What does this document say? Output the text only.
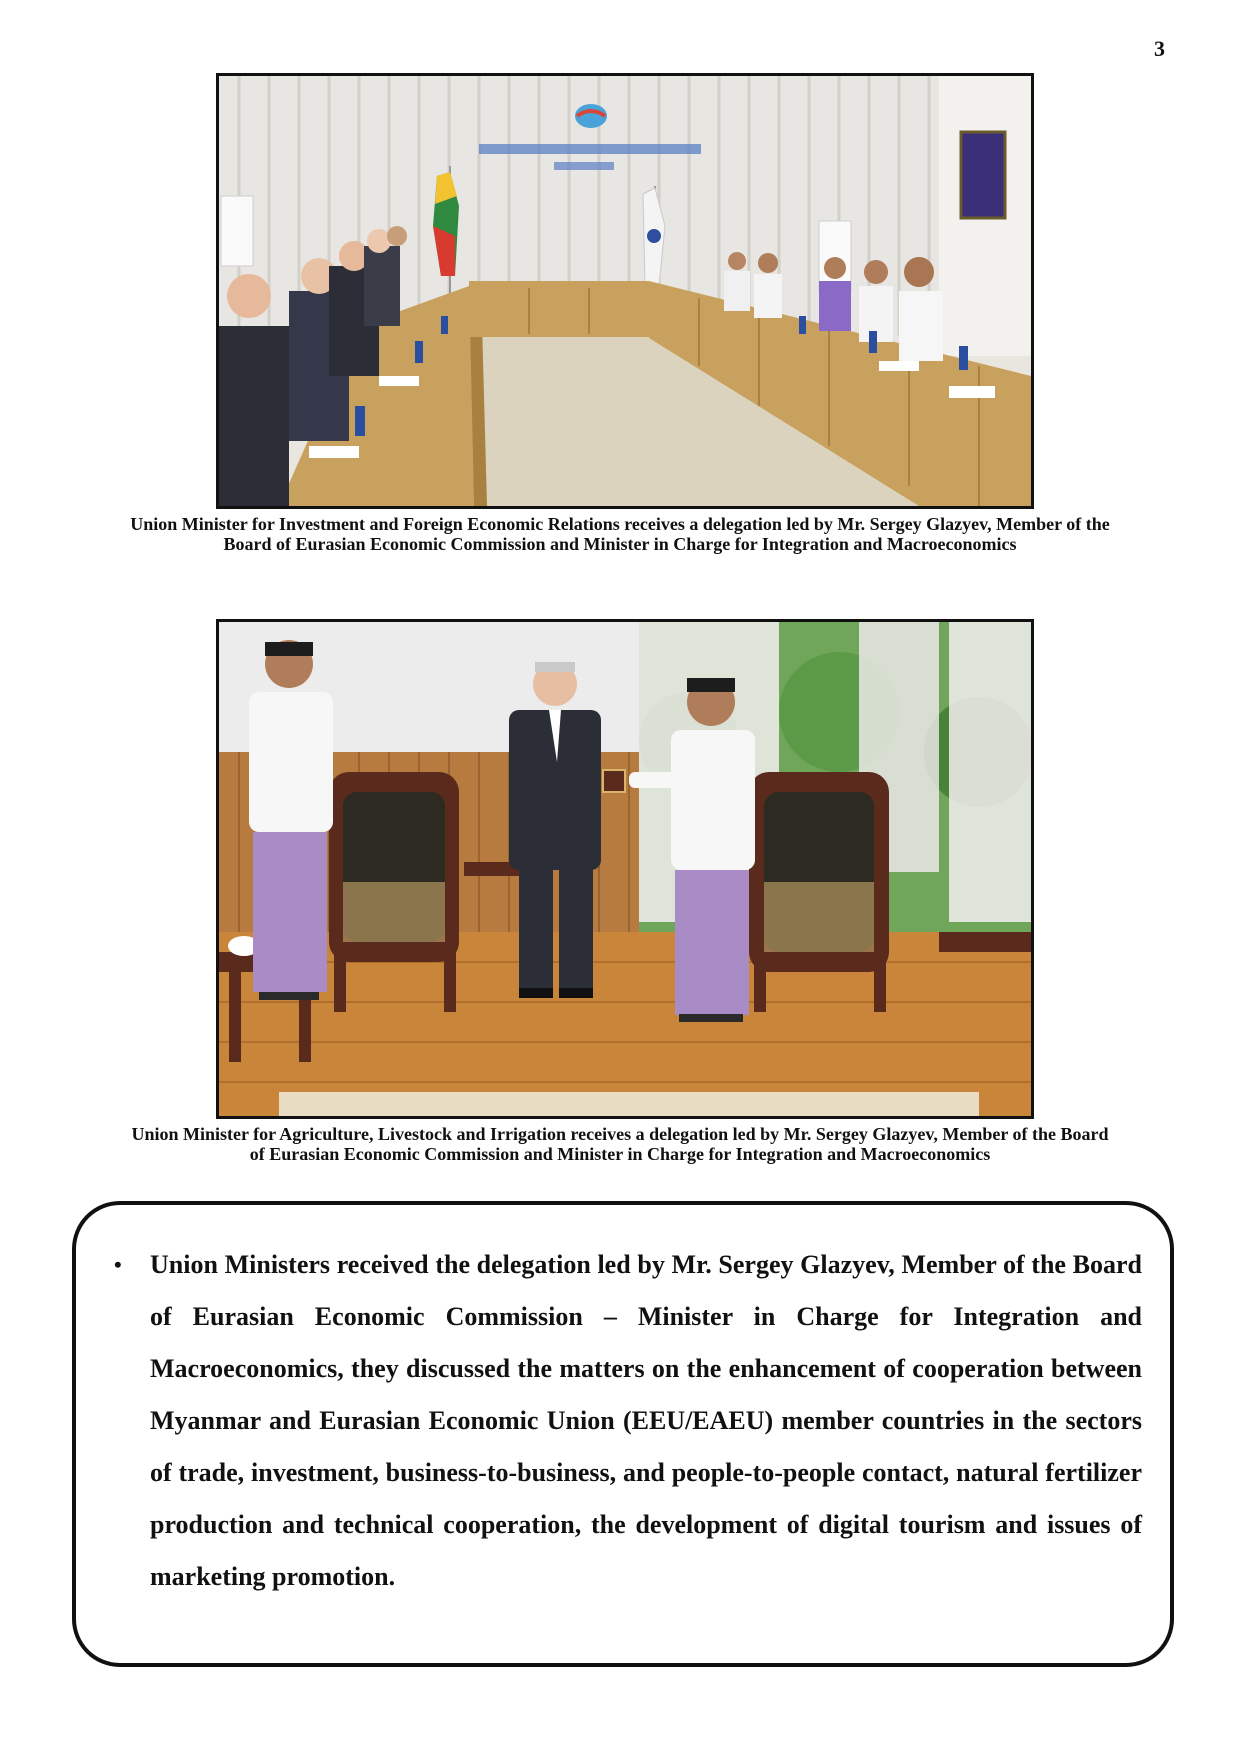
3
Union Minister for Investment and Foreign Economic Relations receives a delegation led by Mr. Sergey Glazyev, Member of the Board of Eurasian Economic Commission and Minister in Charge for Integration and Macroeconomics
Union Minister for Agriculture, Livestock and Irrigation receives a delegation led by Mr. Sergey Glazyev, Member of the Board of Eurasian Economic Commission and Minister in Charge for Integration and Macroeconomics
• Union Ministers received the delegation led by Mr. Sergey Glazyev, Member of the Board of Eurasian Economic Commission – Minister in Charge for Integration and Macroeconomics, they discussed the matters on the enhancement of cooperation between Myanmar and Eurasian Economic Union (EEU/EAEU) member countries in the sectors of trade, investment, business-to-business, and people-to-people contact, natural fertilizer production and technical cooperation, the development of digital tourism and issues of marketing promotion.
